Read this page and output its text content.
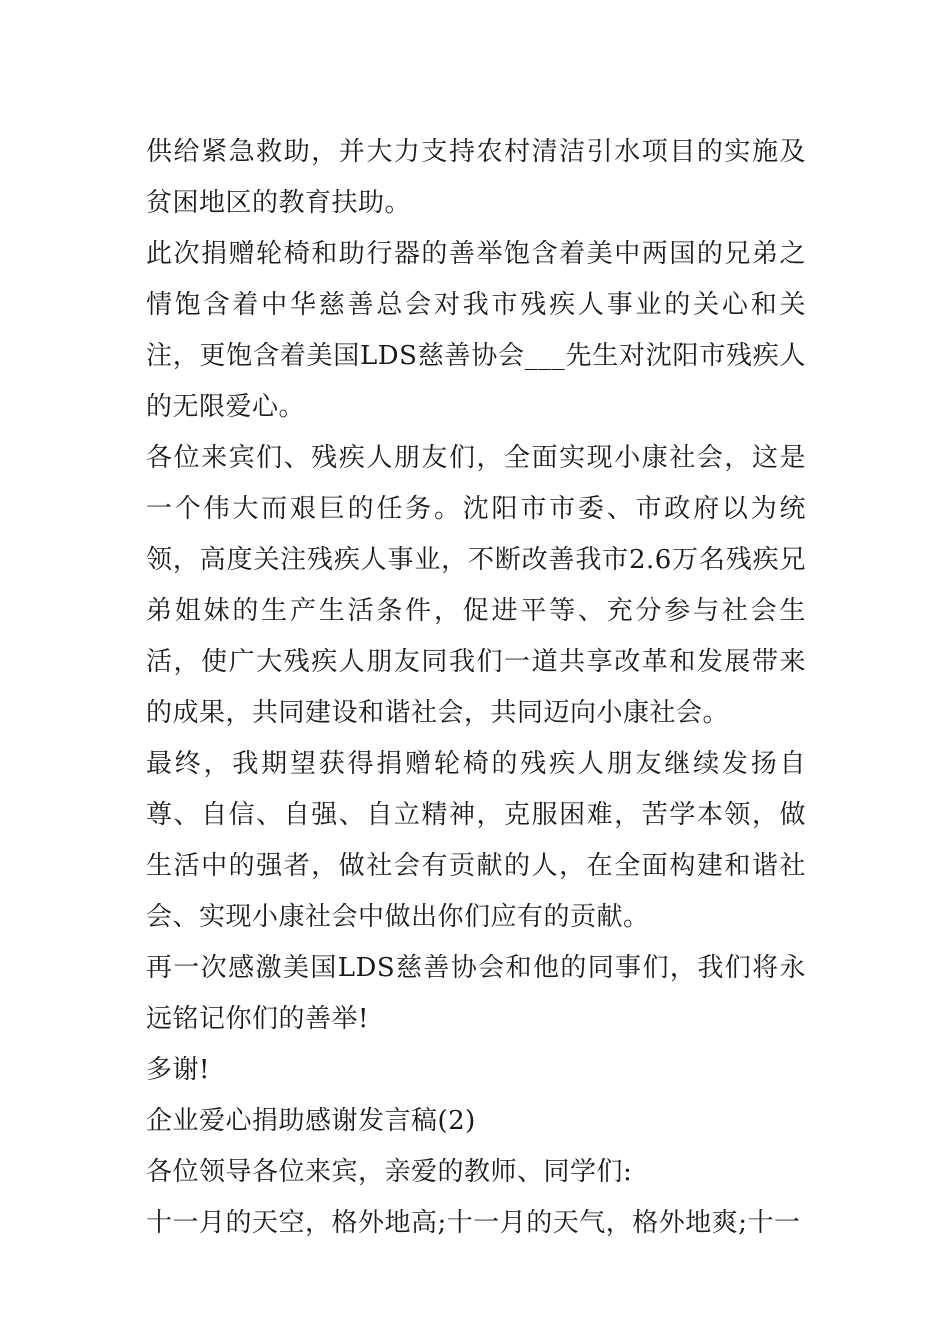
供给紧急救助，并大力支持农村清洁引水项目的实施及贫困地区的教育扶助。

此次捐赠轮椅和助行器的善举饱含着美中两国的兄弟之情饱含着中华慈善总会对我市残疾人事业的关心和关注，更饱含着美国LDS慈善协会___先生对沈阳市残疾人的无限爱心。

各位来宾们、残疾人朋友们，全面实现小康社会，这是一个伟大而艰巨的任务。沈阳市市委、市政府以为统领，高度关注残疾人事业，不断改善我市2.6万名残疾兄弟姐妹的生产生活条件，促进平等、充分参与社会生活，使广大残疾人朋友同我们一道共享改革和发展带来的成果，共同建设和谐社会，共同迈向小康社会。

最终，我期望获得捐赠轮椅的残疾人朋友继续发扬自尊、自信、自强、自立精神，克服困难，苦学本领，做生活中的强者，做社会有贡献的人，在全面构建和谐社会、实现小康社会中做出你们应有的贡献。

再一次感激美国LDS慈善协会和他的同事们，我们将永远铭记你们的善举!

多谢!

企业爱心捐助感谢发言稿(2)

各位领导各位来宾，亲爱的教师、同学们:

十一月的天空，格外地高;十一月的天气，格外地爽;十一
